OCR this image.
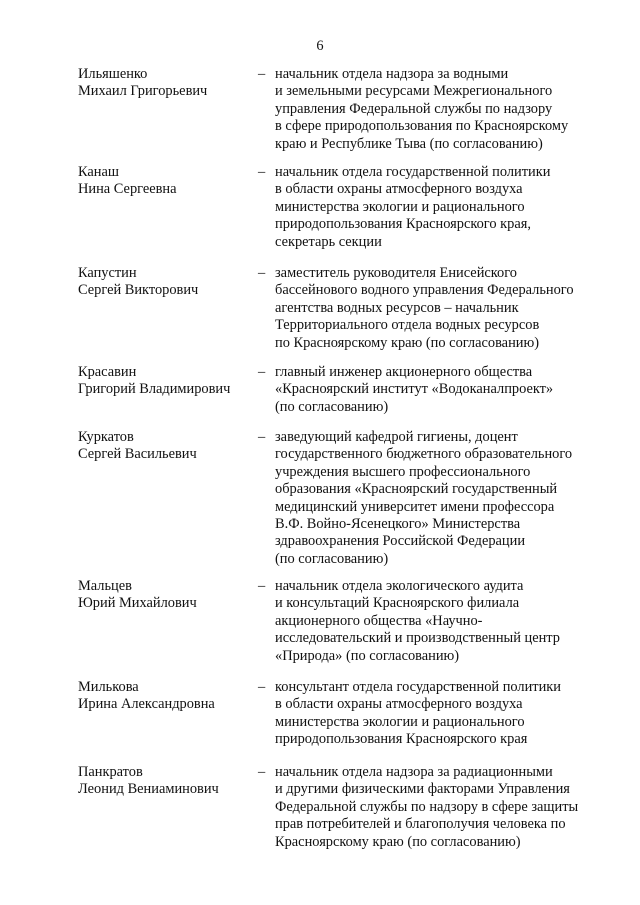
6
Ильяшенко
Михаил Григорьевич
– начальник отдела надзора за водными
и земельными ресурсами Межрегионального
управления Федеральной службы по надзору
в сфере природопользования по Красноярскому
краю и Республике Тыва (по согласованию)
Канаш
Нина Сергеевна
– начальник отдела государственной политики
в области охраны атмосферного воздуха
министерства экологии и рационального
природопользования Красноярского края,
секретарь секции
Капустин
Сергей Викторович
– заместитель руководителя Енисейского
бассейнового водного управления Федерального
агентства водных ресурсов – начальник
Территориального отдела водных ресурсов
по Красноярскому краю (по согласованию)
Красавин
Григорий Владимирович
– главный инженер акционерного общества
«Красноярский институт «Водоканалпроект»
(по согласованию)
Куркатов
Сергей Васильевич
– заведующий кафедрой гигиены, доцент
государственного бюджетного образовательного
учреждения высшего профессионального
образования «Красноярский государственный
медицинский университет имени профессора
В.Ф. Войно-Ясенецкого» Министерства
здравоохранения Российской Федерации
(по согласованию)
Мальцев
Юрий Михайлович
– начальник отдела экологического аудита
и консультаций Красноярского филиала
акционерного общества «Научно-
исследовательский и производственный центр
«Природа» (по согласованию)
Милькова
Ирина Александровна
– консультант отдела государственной политики
в области охраны атмосферного воздуха
министерства экологии и рационального
природопользования Красноярского края
Панкратов
Леонид Вениаминович
– начальник отдела надзора за радиационными
и другими физическими факторами Управления
Федеральной службы по надзору в сфере защиты
прав потребителей и благополучия человека по
Красноярскому краю (по согласованию)
